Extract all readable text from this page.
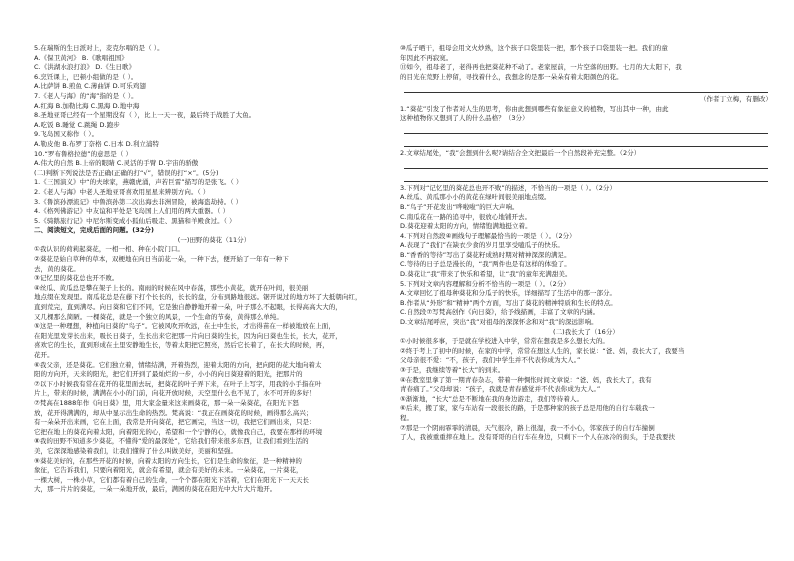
5.在瑞斯的生日派对上，麦克尔唱的是（ ）。
A.《保卫黄河》 B.《歌唱祖国》
C.《洪湖水浪打浪》 D.《生日歌》
6.烹饪课上，巴顿小组做的是（ ）。
A.比萨饼 B.煎鱼 C.薄曲饼 D.可乐鸡翅
7.《老人与海》的“海”指的是（ ）。
A.红海 B.加勒比海 C.黑海 D.地中海
8.圣地亚哥已经有一个星期没有（ ），比上一天一夜，最后终于战胜了大鱼。
A.吃饭 B.睡觉 C.跳绳 D.跑步
9.飞岛国又称作（ ）。
A.勒皮他 B.布罗丁奈格 C.日本 D.利立浦特
10.“罗布鲁格拉德”的意思是（ ）
A.伟大的自然 B.上帝的眼睛 C.灵活的手臂 D.宇宙的骄傲
(二)判断下列说法是否正确(正确的打“√”，错误的打“×”。(5分)
1.《三国演义》中“的夫球家，燕赣虎涌，声若巨雷”描写的是张飞。（ ）
2.《老人与海》中老人圣地亚哥喜欢用星星来辨别方向。（ ）
3.《鲁滨孙漂流记》中鲁滨孙第二次出海去非洲冒险，被海盗劫持。（ ）
4.《格列佛游记》中友谊和平处是飞岛国上人们用的两大重器。（ ）
5.《骑鹅旅行记》中尼尔斯变成小狐仙后吸走、黑猫和羊殿食过。（ ）
二、阅读短文，完成后面的问题。(32分)
(一)田野的葵花（11分）
①我认识的荷莉起葵花，一相一相、种在小院门口。
②葵花是始自草种的草本，双梗地在向日当前花一朵，一种下去，便开始了一年有一种下
去，黄的葵花。
③记忆里的葵花总也开不败。
④丝瓜、黄瓜总是攀在架子上长的。南雨的时候在风中春荡，那些小黄花，就开在叶间，很美丽
地点缀在发现里。南瓜花总是在藤下打个长长的，长长的盘，分布到路地很远。锯开说过的地方坏了大抵朝向红，
直到荒完，直到满尽。向日葵和它们不同，它是独自静静地开着一朵，叶子那么不起眼，长得高高大大的，
又几棵那么简陋。一棵葵花，就是一个独立的风景，一个生命的节奏，黄得那么单纯。
⑤这是一种理想，种植向日葵的“鸟子”。它被风吹开吹远，在土中生长，才出得苗在一样被地放在上面，
在阳光里发芽长出来，吸长日葵子，生长出来它把那一片向日葵的生长，因为向日葵也生长，长大，花开，
喜欢它的生长，直到形成在土里安静地生长，等着太阳把它照亮，然后它长着了，在长大的时候，再，
花开。
⑥我父亲，还是葵花。它们独立着，情绪结满，开着热烈，迎着太阳的方向，把向阳的花大地向着太
阳的方向开，天来的阳光，把它们开到了最灿烂的一步，小小的向日葵迎着的阳光，把那片的
⑦以下小时候我有常在花开的花里面去玩，把葵花的叶子弄下来，在叶子上写字，用我的小手指在叶
片上，带来的时候，满满在小小的门前，向花开放时候，天空里什么也不见了，水不可开的多好！
⑦梵高在1888年作《向日葵》里，用大家金量来这来画葵花，那一朵一朵葵花，在阳光下怒
放，花开得满满的，却从中显示出生命的热烈。梵高说：“我正在画葵花的时候，画得那么高兴；
有一朵朵开出来画，它在上面，我常是开向葵花，把它画完，当这一切，我把它们画出来，只是：
它把在地上的葵花向着太阳，向着阳光的心，希望和一个宁静的心，就像我自己，我要在那样的环境
⑧我的田野不知道多少葵花，不懂得“爱的最深处”，它给我们带来很多东西，让我们看到生活的
美，它深深地感染着我们，让我们懂得了什么叫做美好，美丽和坚强。
⑨葵花美好的，在那些开花的时候，向着太阳的方向生长，它们是生命的象征，是一种精神的
象征，它告诉我们，只要向着阳光，就会有希望，就会有美好的未来。一朵葵花，一片葵花，
一棵大树，一株小草，它们都有着自己的生命，一个个都在阳光下活着，它们在阳光下一天天长
大，那一片片的葵花，一朵一朵地开放，最后，满园的葵花在阳光中大片大片地开。
⑩瓜子晒干，祖母会用文火炒熟，这个孩子口袋里装一把，那个孩子口袋里装一把。我们的童
年因此不再寂寞。
⑪如今，祖母老了，老得再也把葵花种不动了。老家屋前，一片空落的田野。七月的大太阳下，我
的目光在荒野上停留，寻找着什么，我想念的是那一朵朵有着太阳颜色的花。
（作者丁立梅，有删改）
1.“葵花”引发了作者对人生的思考，你由此想到哪些有象征意义的植物，写出其中一种，由此
这种植物你又想到了人的什么品格？（3分）
2.文章结尾处，“我”会想到什么呢?请结合全文把最后一个自然段补充完整。（2分）
3.下列对“记忆里的葵花总也开不败”的描述，不恰当的一项是（ ）。（2分）
A.丝瓜、黄瓜那小小的黄花在绿叶间很美丽地点缀。
B.“鸟子”开花发出“哗啦啦”的巨大声响。
C.南瓜花在一路的追寻中，很放心地铺开去。
D.葵花迎着太阳的方向，情绪饱满地挺立着。
4.下列对自然段④画线句子理解最恰当的一项是（ ）。（2分）
A.表现了“我们”在缺衣少食的岁月里享受嗑瓜子的快乐。
B.“香香的等待”写出了葵花籽成熟时期对精神深深的满足。
C.等待的日子总是漫长的，“我”两件也是有这样的体验了。
D.葵花让“我”带来了快乐和希望，让“我”的童年充满甜美。
5.下列对文章内容理解和分析不恰当的一项是（ ）。（2分）
A.文章回忆了祖母种葵花和分瓜子的快乐，详细描写了生活中的那一部分。
B.作者从“外形”和“精神”两个方面，写出了葵花的精神特质和生长的特点。
C.自然段⑦写梵高创作《向日葵》，给予线描画，丰富了文章的内涵。
D.文章结尾呼应，突出“我”对祖母的深深怀念和对“我”的深远影响。
(二)我长大了（16分）
①小时候很多事，于是就在学校进入中学，常常在想我是多么想长大的。
②终于考上了初中的时候，在家的中学，常常在想这人生的，家长说：“爸、妈，我长大了，我要当
父母亲很不爱：“不，孩子，我们中学生并不代表你成为大人。”
③于是，我继续等着“长大”的到来。
④在教室里拿了第一期青春杂志，带着一种惆怅时间文章说：“爸、妈，我长大了，我有
青春痛了。”父母却说：“孩子，我就是青春感觉并不代表你成为大人。”
⑤渐渐地，“长大”总是不断地在我的身边游走，我们等待着人。
⑥后来，搬了家，家与车站有一段很长的路，于是那种家的孩子总是用他的自行车载我一
程。
⑦那是一个阴雨霏霏的清晨，天气很冷，路上很湿，我一不小心，邻家孩子的自行车撞倒
了人，我被重重摔在地上。没有哥哥的自行车在身边，只剩下一个人在冰冷的街头，于是我要扶
